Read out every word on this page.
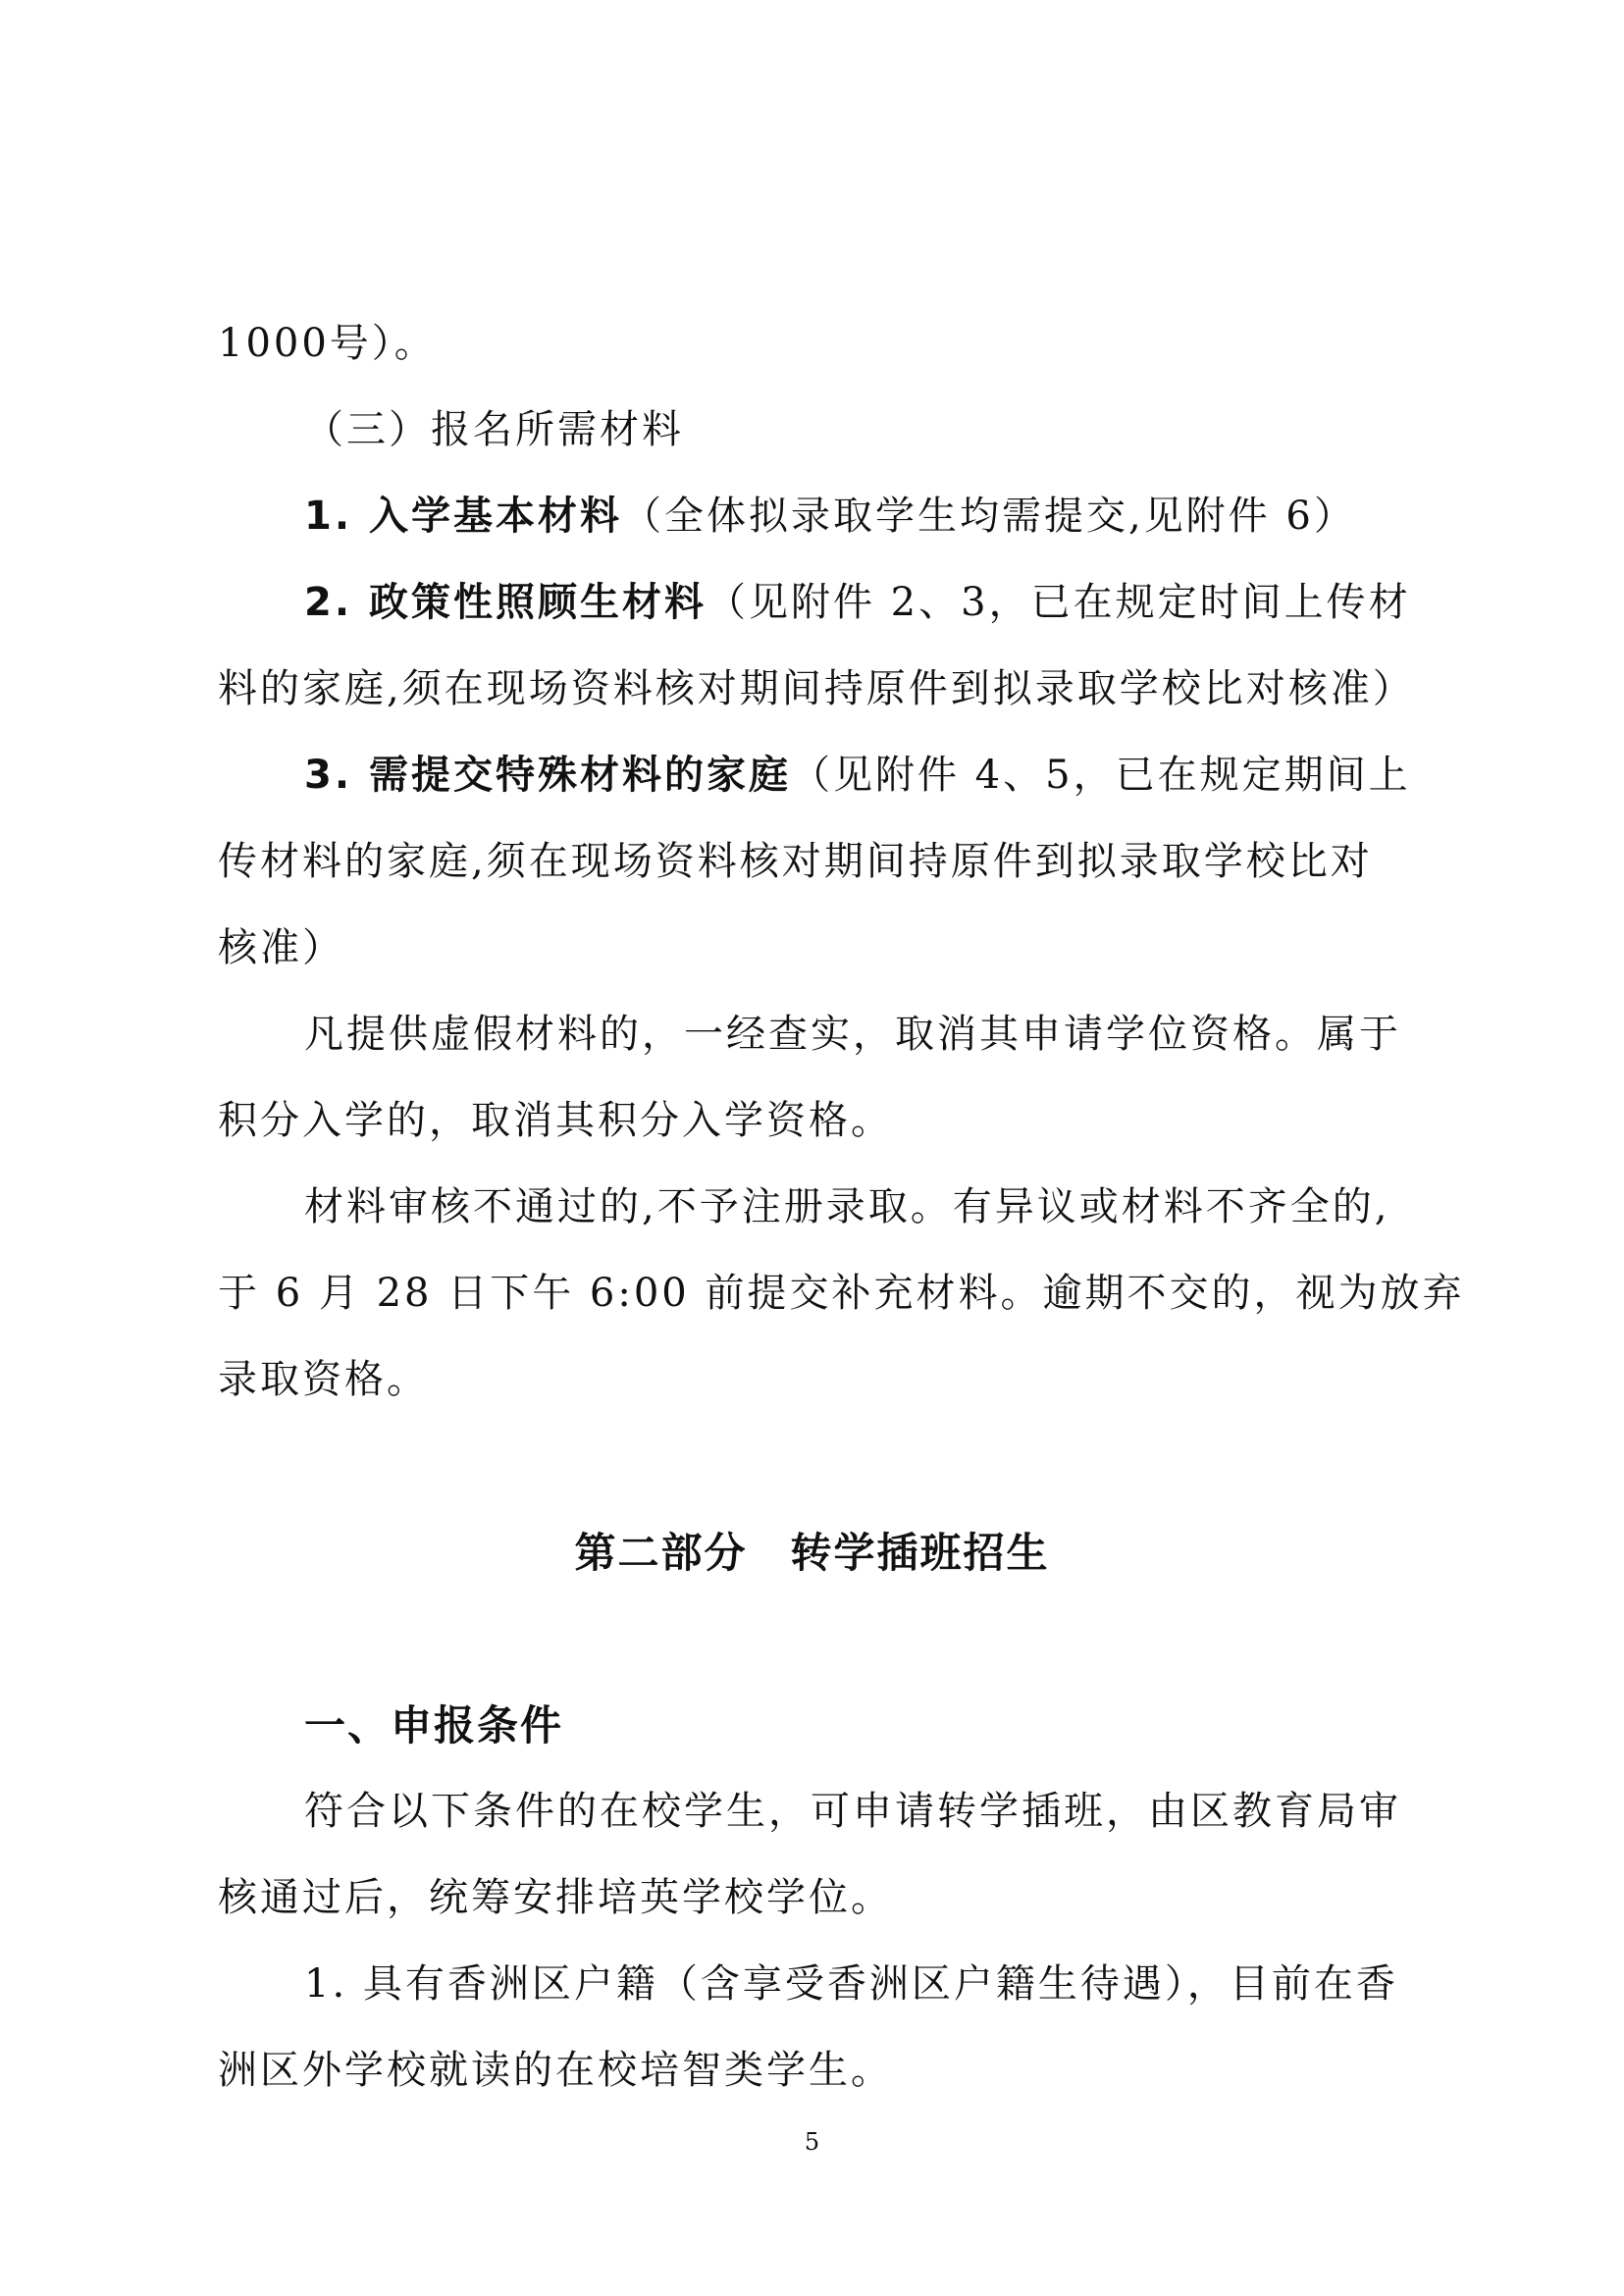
1000号）。
（三）报名所需材料
1. 入学基本材料（全体拟录取学生均需提交,见附件 6）
2. 政策性照顾生材料（见附件 2、3，已在规定时间上传材
料的家庭,须在现场资料核对期间持原件到拟录取学校比对核准）
3. 需提交特殊材料的家庭（见附件 4、5，已在规定期间上
传材料的家庭,须在现场资料核对期间持原件到拟录取学校比对
核准）
凡提供虚假材料的，一经查实，取消其申请学位资格。属于
积分入学的，取消其积分入学资格。
材料审核不通过的,不予注册录取。有异议或材料不齐全的,
于 6 月 28 日下午 6:00 前提交补充材料。逾期不交的，视为放弃
录取资格。
第二部分 转学插班招生
一、申报条件
符合以下条件的在校学生，可申请转学插班，由区教育局审
核通过后，统筹安排培英学校学位。
1. 具有香洲区户籍（含享受香洲区户籍生待遇），目前在香
洲区外学校就读的在校培智类学生。
5
